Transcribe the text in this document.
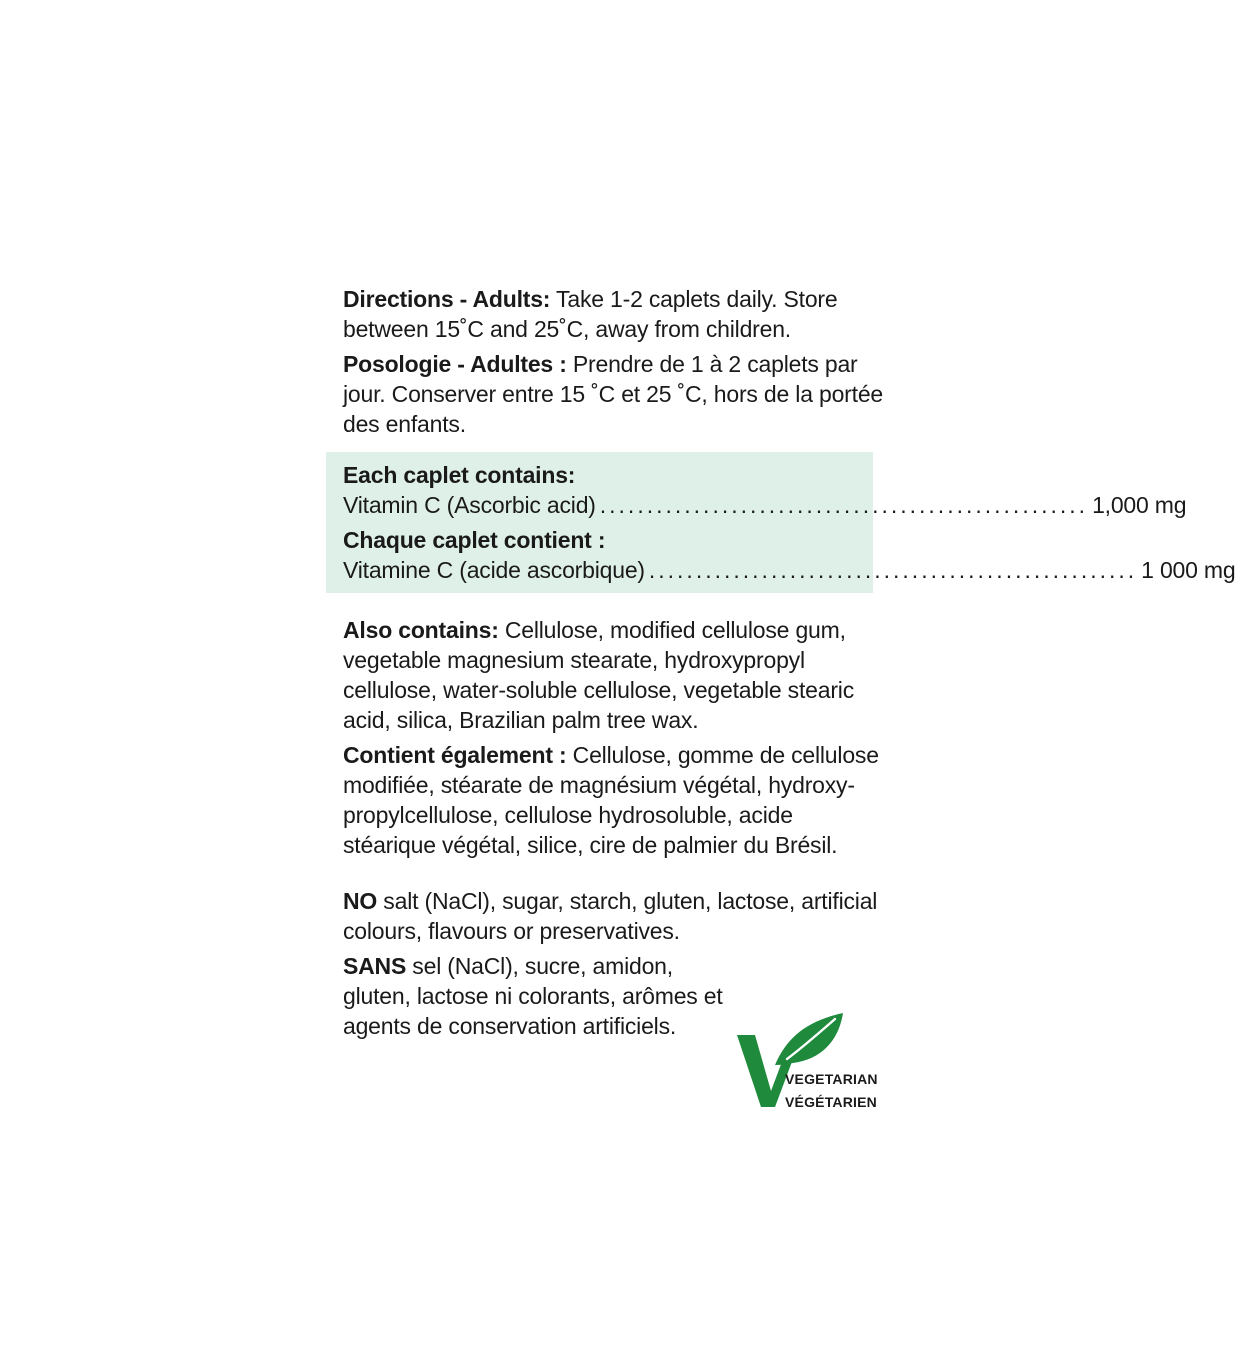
Directions - Adults: Take 1-2 caplets daily. Store between 15˚C and 25˚C, away from children.

Posologie - Adultes : Prendre de 1 à 2 caplets par jour. Conserver entre 15 ˚C et 25 ˚C, hors de la portée des enfants.

Each caplet contains:
Vitamin C (Ascorbic acid) .................................................... 1,000 mg
Chaque caplet contient :
Vitamine C (acide ascorbique) .................................................... 1 000 mg

Also contains: Cellulose, modified cellulose gum, vegetable magnesium stearate, hydroxypropyl cellulose, water-soluble cellulose, vegetable stearic acid, silica, Brazilian palm tree wax.

Contient également : Cellulose, gomme de cellulose modifiée, stéarate de magnésium végétal, hydroxy-propylcellulose, cellulose hydrosoluble, acide stéarique végétal, silice, cire de palmier du Brésil.

NO salt (NaCl), sugar, starch, gluten, lactose, artificial colours, flavours or preservatives.

SANS sel (NaCl), sucre, amidon, gluten, lactose ni colorants, arômes et agents de conservation artificiels.

VEGETARIAN
VÉGÉTARIEN
